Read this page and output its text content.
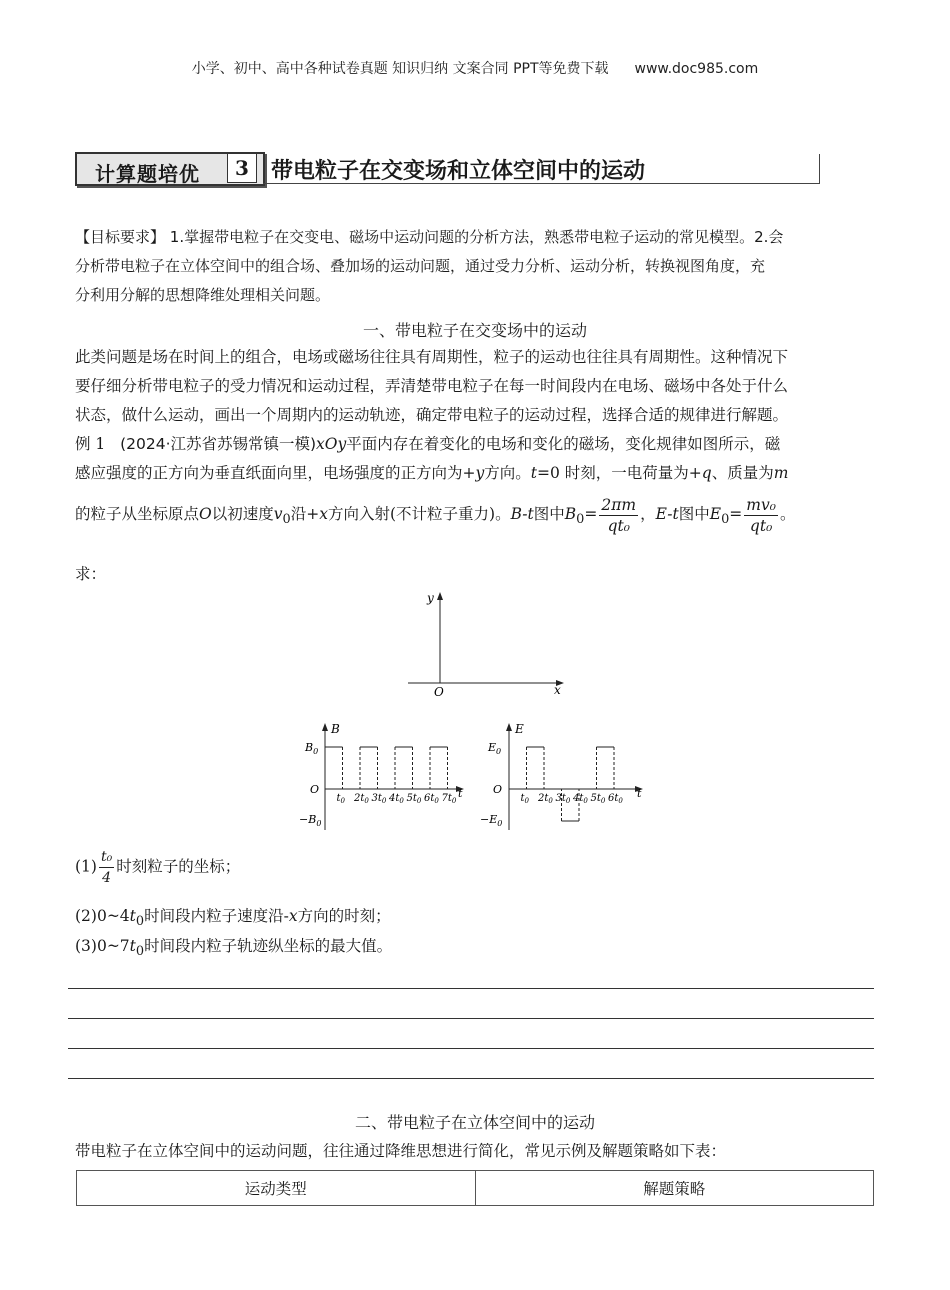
小学、初中、高中各种试卷真题 知识归纳 文案合同 PPT等免费下载 www.doc985.com
计算题培优	3	带电粒子在交变场和立体空间中的运动
【目标要求】 1.掌握带电粒子在交变电、磁场中运动问题的分析方法，熟悉带电粒子运动的常见模型。2.会
分析带电粒子在立体空间中的组合场、叠加场的运动问题，通过受力分析、运动分析，转换视图角度，充
分利用分解的思想降维处理相关问题。
一、带电粒子在交变场中的运动
此类问题是场在时间上的组合，电场或磁场往往具有周期性，粒子的运动也往往具有周期性。这种情况下
要仔细分析带电粒子的受力情况和运动过程，弄清楚带电粒子在每一时间段内在电场、磁场中各处于什么
状态，做什么运动，画出一个周期内的运动轨迹，确定带电粒子的运动过程，选择合适的规律进行解题。
例 1 (2024·江苏省苏锡常镇一模)xOy平面内存在着变化的电场和变化的磁场，变化规律如图所示，磁
感应强度的正方向为垂直纸面向里，电场强度的正方向为+y方向。t=0 时刻，一电荷量为+q、质量为m
的粒子从坐标原点O以初速度$v_0$沿+x方向入射(不计粒子重力)。B-t图中$B_0= \frac{2\pi m}{\text{qt₀}}$ ，E-t图中$E_0= \frac{\text{mv₀}}{\text{qt₀}}$ 。
求：
y
x
O
B
t
O
$B_0$
$-B_0$
$t_0$ $2t_0$ $3t_0$ $4t_0$ $5t_0$ $6t_0$ $7t_0$
E
t
O
$E_0$
$-E_0$
$t_0$ $2t_0$ $3t_0$ $4t_0$ $5t_0$ $6t_0$
$(1) \frac{\text{t₀}}{4}$ 时刻粒子的坐标；
$(2)0\sim 4t_0$时间段内粒子速度沿-x方向的时刻；
$(3)0\sim 7t_0$时间段内粒子轨迹纵坐标的最大值。
二、带电粒子在立体空间中的运动
带电粒子在立体空间中的运动问题，往往通过降维思想进行简化，常见示例及解题策略如下表：
运动类型	解题策略
